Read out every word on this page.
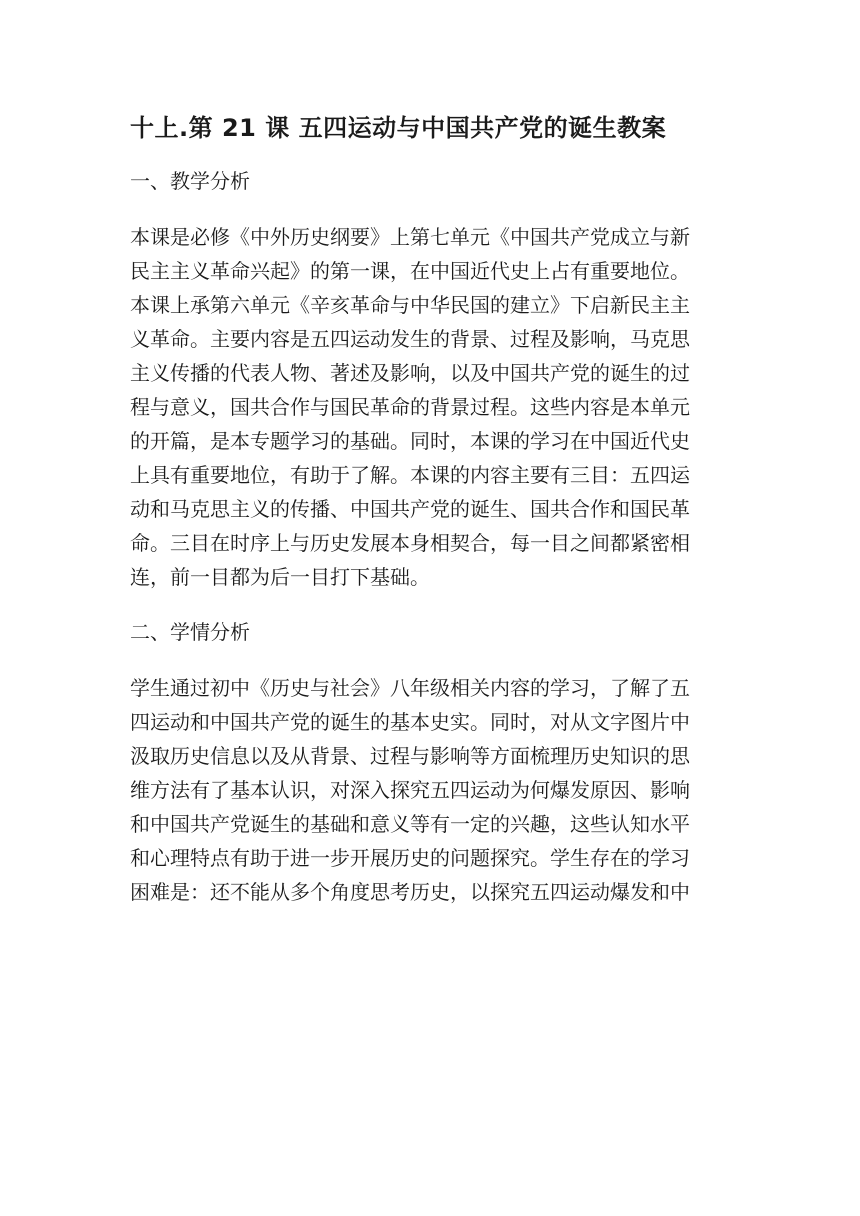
十上.第 21 课 五四运动与中国共产党的诞生教案
一、教学分析
本课是必修《中外历史纲要》上第七单元《中国共产党成立与新
民主主义革命兴起》的第一课，在中国近代史上占有重要地位。
本课上承第六单元《辛亥革命与中华民国的建立》下启新民主主
义革命。主要内容是五四运动发生的背景、过程及影响，马克思
主义传播的代表人物、著述及影响，以及中国共产党的诞生的过
程与意义，国共合作与国民革命的背景过程。这些内容是本单元
的开篇，是本专题学习的基础。同时，本课的学习在中国近代史
上具有重要地位，有助于了解。本课的内容主要有三目：五四运
动和马克思主义的传播、中国共产党的诞生、国共合作和国民革
命。三目在时序上与历史发展本身相契合，每一目之间都紧密相
连，前一目都为后一目打下基础。
二、学情分析
学生通过初中《历史与社会》八年级相关内容的学习，了解了五
四运动和中国共产党的诞生的基本史实。同时，对从文字图片中
汲取历史信息以及从背景、过程与影响等方面梳理历史知识的思
维方法有了基本认识，对深入探究五四运动为何爆发原因、影响
和中国共产党诞生的基础和意义等有一定的兴趣，这些认知水平
和心理特点有助于进一步开展历史的问题探究。学生存在的学习
困难是：还不能从多个角度思考历史，以探究五四运动爆发和中
